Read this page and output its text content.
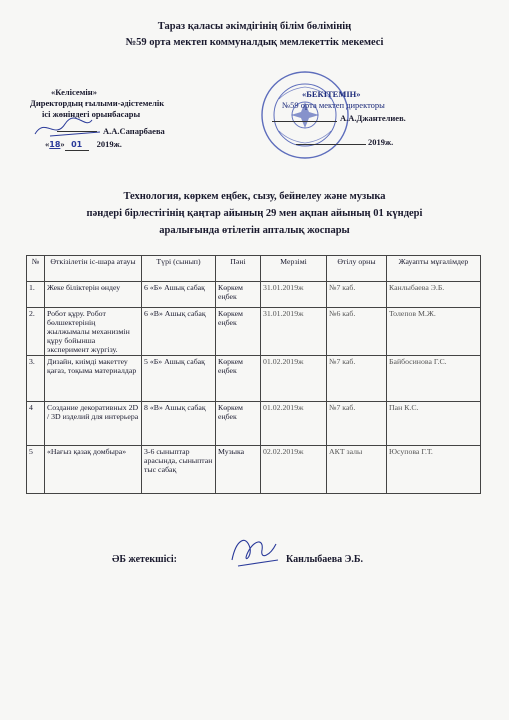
Тараз қаласы әкімдігінің білім бөлімінің
№59 орта мектеп коммуналдық мемлекеттік мекемесі
«Келісемін»
Директордың ғылыми-әдістемелік
ісі жөніндегі орынбасары
А.А.Сапарбаева
«18» 01 2019ж.
«БЕКІТЕМІН»
№59 орта мектеп директоры
А.А.Джантелиев.
2019ж.
Технология, көркем еңбек, сызу, бейнелеу және музыка
пәндері бірлестігінің қаңтар айының 29 мен ақпан айының 01 күндері
аралығында өтілетін апталық жоспары
№	Өткізілетін іс-шара атауы	Түрі (сынып)	Пәні	Мерзімі	Өтілу орны	Жауапты мұғалімдер
1.	Жеке біліктерін өндеу	6 «Б» Ашық сабақ	Көркем еңбек	31.01.2019ж	№7 каб.	Канлыбаева Э.Б.
2.	Робот құру. Робот бөлшектерінің жылжымалы механизмін құру бойынша эксперимент жүргізу.	6 «В» Ашық сабақ	Көркем еңбек	31.01.2019ж	№6 каб.	Толепов М.Ж.
3.	Дизайн, киімді макеттеу қағаз, тоқыма материалдар	5 «Б» Ашық сабақ	Көркем еңбек	01.02.2019ж	№7 каб.	Байбосинова Г.С.
4	Создание декоративных 2D / 3D изделий для интерьера	8 «В» Ашық сабақ	Көркем еңбек	01.02.2019ж	№7 каб.	Пан К.С.
5	«Нағыз қазақ домбыра»	3-6 сыныптар арасында, сыныптан тыс сабақ	Музыка	02.02.2019ж	АКТ залы	Юсупова Г.Т.
ӘБ жетекшісі:	Канлыбаева Э.Б.
